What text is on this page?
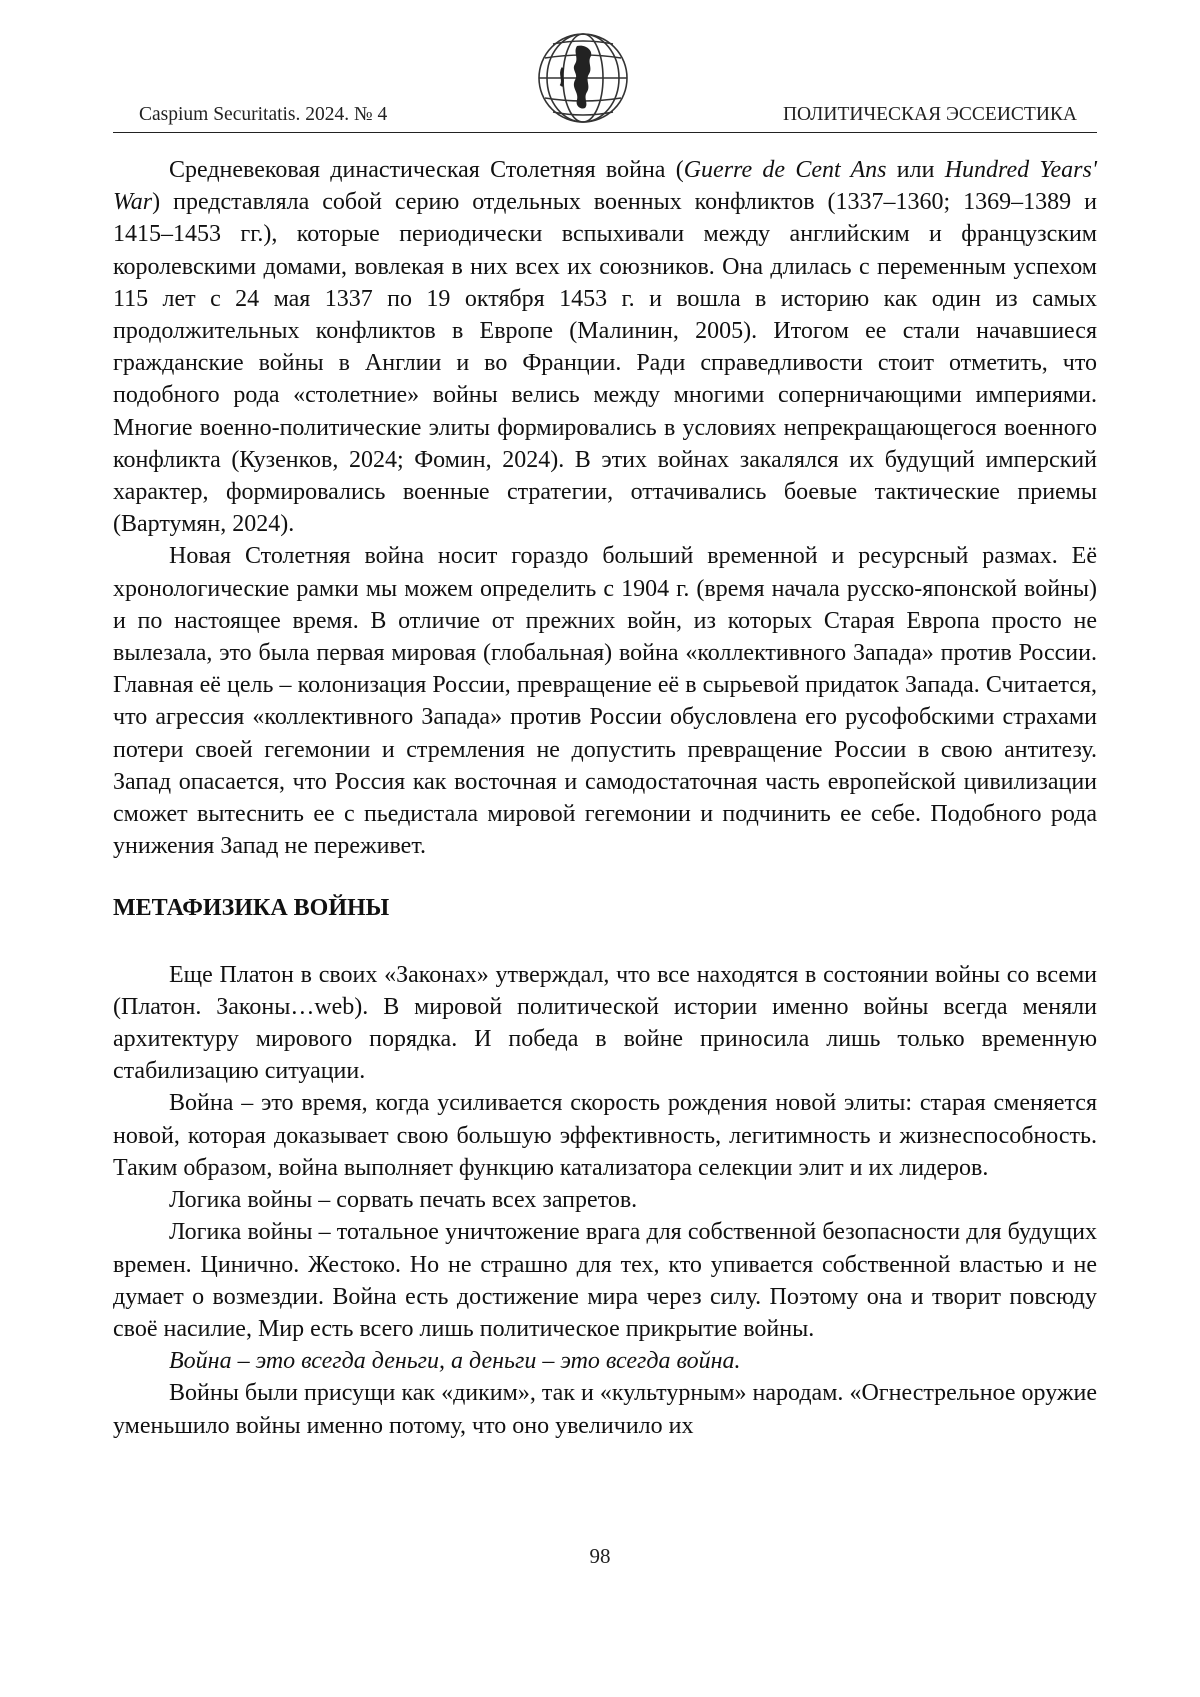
Caspium Securitatis. 2024. № 4	ПОЛИТИЧЕСКАЯ ЭССЕИСТИКА

Средневековая династическая Столетняя война (Guerre de Cent Ans или Hundred Years' War) представляла собой серию отдельных военных конфликтов (1337–1360; 1369–1389 и 1415–1453 гг.), которые периодически вспыхивали между английским и французским королевскими домами, вовлекая в них всех их союзников. Она длилась с переменным успехом 115 лет с 24 мая 1337 по 19 октября 1453 г. и вошла в историю как один из самых продолжительных конфликтов в Европе (Малинин, 2005). Итогом ее стали начавшиеся гражданские войны в Англии и во Франции. Ради справедливости стоит отметить, что подобного рода «столетние» войны велись между многими соперничающими империями. Многие военно-политические элиты формировались в условиях непрекращающегося военного конфликта (Кузенков, 2024; Фомин, 2024). В этих войнах закалялся их будущий имперский характер, формировались военные стратегии, оттачивались боевые тактические приемы (Вартумян, 2024).

Новая Столетняя война носит гораздо больший временной и ресурсный размах. Её хронологические рамки мы можем определить с 1904 г. (время начала русско-японской войны) и по настоящее время. В отличие от прежних войн, из которых Старая Европа просто не вылезала, это была первая мировая (глобальная) война «коллективного Запада» против России. Главная её цель – колонизация России, превращение её в сырьевой придаток Запада. Считается, что агрессия «коллективного Запада» против России обусловлена его русофобскими страхами потери своей гегемонии и стремления не допустить превращение России в свою антитезу. Запад опасается, что Россия как восточная и самодостаточная часть европейской цивилизации сможет вытеснить ее с пьедистала мировой гегемонии и подчинить ее себе. Подобного рода унижения Запад не переживет.

МЕТАФИЗИКА ВОЙНЫ

Еще Платон в своих «Законах» утверждал, что все находятся в состоянии войны со всеми (Платон. Законы…web). В мировой политической истории именно войны всегда меняли архитектуру мирового порядка. И победа в войне приносила лишь только временную стабилизацию ситуации.

Война – это время, когда усиливается скорость рождения новой элиты: старая сменяется новой, которая доказывает свою большую эффективность, легитимность и жизнеспособность. Таким образом, война выполняет функцию катализатора селекции элит и их лидеров.

Логика войны – сорвать печать всех запретов.

Логика войны – тотальное уничтожение врага для собственной безопасности для будущих времен. Цинично. Жестоко. Но не страшно для тех, кто упивается собственной властью и не думает о возмездии. Война есть достижение мира через силу. Поэтому она и творит повсюду своё насилие, Мир есть всего лишь политическое прикрытие войны.

Война – это всегда деньги, а деньги – это всегда война.

Войны были присущи как «диким», так и «культурным» народам. «Огнестрельное оружие уменьшило войны именно потому, что оно увеличило их

98
